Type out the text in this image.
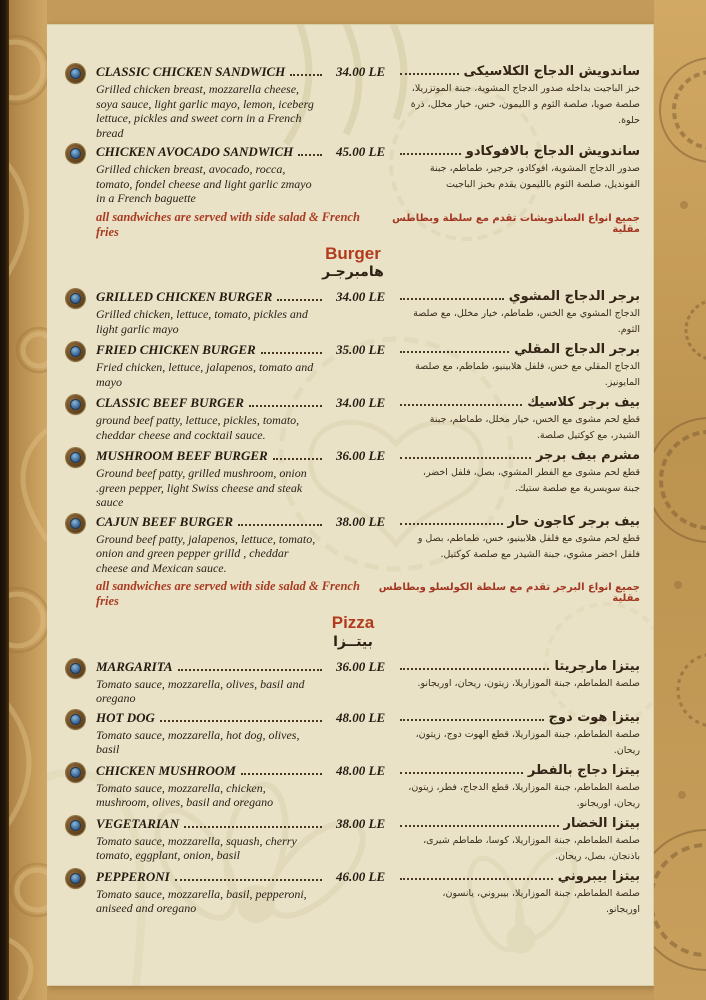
CLASSIC CHICKEN SANDWICH	34.00 LE
Grilled chicken breast, mozzarella cheese, soya sauce, light garlic mayo, lemon, iceberg lettuce, pickles and sweet corn in a French bread
ساندويش الدجاج الكلاسيكى
خبز الباجيت بداخله صدور الدجاج المشوية، جبنة الموتزريلا، صلصة صويا، صلصة الثوم و الليمون، خس، خيار مخلل، ذرة حلوة.
CHICKEN AVOCADO SANDWICH	45.00 LE
Grilled chicken breast, avocado, rocca, tomato, fondel cheese and light garlic zmayo in a French baguette
ساندويش الدجاج بالافوكادو
صدور الدجاج المشوية، افوكادو، جرجير، طماطم، جبنة الفونديل، صلصة الثوم بالليمون يقدم بخبز الباجيت
all sandwiches are served with side salad & French fries
جميع انواع الساندويشات تقدم مع سلطة وبطاطس مقلية
Burger
هامبرجـر
GRILLED CHICKEN BURGER	34.00 LE
Grilled chicken, lettuce, tomato, pickles and light garlic mayo
برجر الدجاج المشوي
الدجاج المشوي مع الخس، طماطم، خيار مخلل، مع صلصة الثوم.
FRIED CHICKEN BURGER	35.00 LE
Fried chicken, lettuce, jalapenos, tomato and mayo
برجر الدجاج المقلي
الدجاج المقلي مع خس، فلفل هلابينيو، طماطم، مع صلصة المايونيز.
CLASSIC BEEF BURGER	34.00 LE
ground beef patty, lettuce, pickles, tomato, cheddar cheese and cocktail sauce.
بيف برجر كلاسيك
قطع لحم مشوى مع الخس، خيار مخلل، طماطم، جبنة الشيدر، مع كوكتيل صلصة.
MUSHROOM BEEF BURGER	36.00 LE
Ground beef patty, grilled mushroom, onion .green pepper, light Swiss cheese and steak sauce
مشرم بيف برجر
قطع لحم مشوى مع الفطر المشوي، بصل، فلفل اخضر، جبنة سويسرية مع صلصة ستيك.
CAJUN BEEF BURGER	38.00 LE
Ground beef patty, jalapenos, lettuce, tomato, onion and green pepper grilld , cheddar cheese and Mexican sauce.
بيف برجر كاجون حار
قطع لحم مشوى مع فلفل هلابينيو، خس، طماطم، بصل و فلفل اخضر مشوي، جبنة الشيدر مع صلصة كوكتيل.
all sandwiches are served with side salad & French fries
جميع انواع البرجر تقدم مع سلطة الكولسلو وبطاطس مقلية
Pizza
بيتــزا
MARGARITA	36.00 LE
Tomato sauce, mozzarella, olives, basil and oregano
بيتزا مارجريتا
صلصة الطماطم، جبنة الموزاريلا، زيتون، ريحان، اوريجانو.
HOT DOG	48.00 LE
Tomato sauce, mozzarella, hot dog, olives, basil
بيتزا هوت دوج
صلصة الطماطم، جبنة الموزاريلا، قطع الهوت دوج، زيتون، ريحان.
CHICKEN MUSHROOM	48.00 LE
Tomato sauce, mozzarella, chicken, mushroom, olives, basil and oregano
بيتزا دجاج بالفطر
صلصة الطماطم، جبنة الموزاريلا، قطع الدجاج، فطر، زيتون، ريحان، اوريجانو.
VEGETARIAN	38.00 LE
Tomato sauce, mozzarella, squash, cherry tomato, eggplant, onion, basil
بيتزا الخضار
صلصة الطماطم، جبنة الموزاريلا، كوسا، طماطم شيرى، باذنجان، بصل، ريحان.
PEPPERONI	46.00 LE
Tomato sauce, mozzarella, basil, pepperoni, aniseed and oregano
بيتزا بيبروني
صلصة الطماطم، جبنة الموزاريلا، بيبروني، يانسون، اوريجانو.
